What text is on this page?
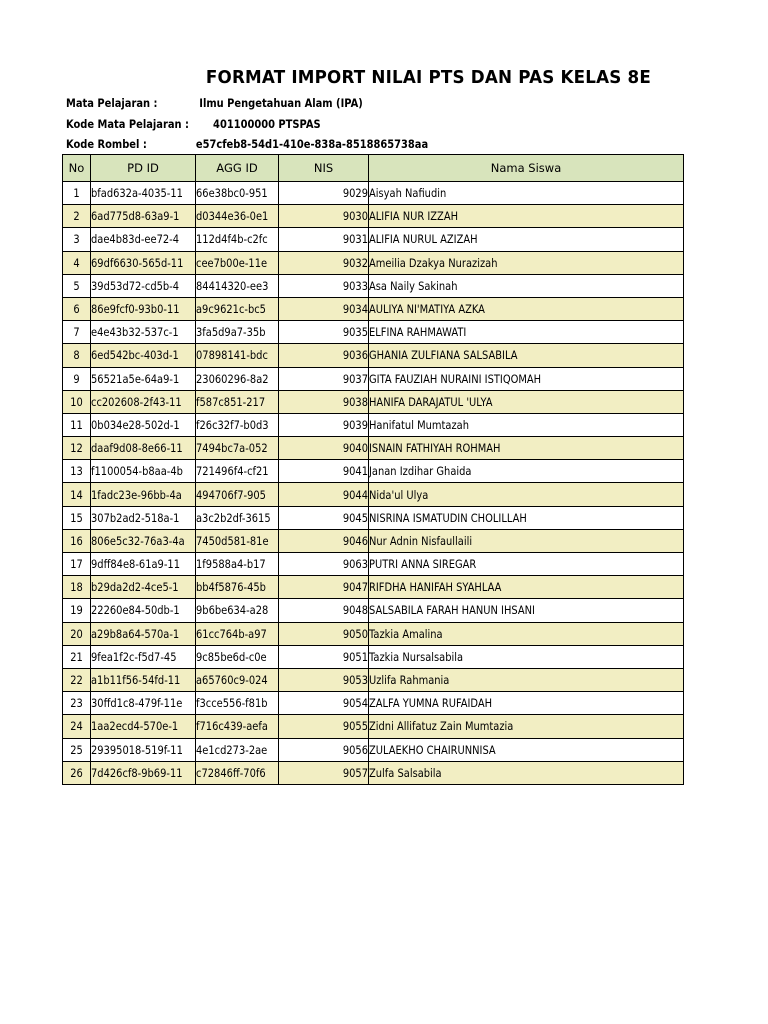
FORMAT IMPORT NILAI PTS DAN PAS KELAS 8E
Mata Pelajaran :	Ilmu Pengetahuan Alam (IPA)
Kode Mata Pelajaran : 401100000 PTSPAS
Kode Rombel :	e57cfeb8-54d1-410e-838a-8518865738aa
No	PD ID	AGG ID	NIS	Nama Siswa

1	bfad632a-4035-11	66e38bc0-951	9029	Aisyah Nafiudin

2	6ad775d8-63a9-1	d0344e36-0e1	9030	ALIFIA NUR IZZAH

3	dae4b83d-ee72-4	112d4f4b-c2fc	9031	ALIFIA NURUL AZIZAH

4	69df6630-565d-11	cee7b00e-11e	9032	Ameilia Dzakya Nurazizah

5	39d53d72-cd5b-4	84414320-ee3	9033	Asa Naily Sakinah

6	86e9fcf0-93b0-11	a9c9621c-bc5	9034	AULIYA NI'MATIYA AZKA

7	e4e43b32-537c-1	3fa5d9a7-35b	9035	ELFINA RAHMAWATI

8	6ed542bc-403d-1	07898141-bdc	9036	GHANIA ZULFIANA SALSABILA

9	56521a5e-64a9-1	23060296-8a2	9037	GITA FAUZIAH NURAINI ISTIQOMAH

10	cc202608-2f43-11	f587c851-217	9038	HANIFA DARAJATUL 'ULYA

11	0b034e28-502d-1	f26c32f7-b0d3	9039	Hanifatul Mumtazah

12	daaf9d08-8e66-11	7494bc7a-052	9040	ISNAIN FATHIYAH ROHMAH

13	f1100054-b8aa-4b	721496f4-cf21	9041	Janan Izdihar Ghaida

14	1fadc23e-96bb-4a	494706f7-905	9044	Nida'ul Ulya

15	307b2ad2-518a-1	a3c2b2df-3615	9045	NISRINA ISMATUDIN CHOLILLAH

16	806e5c32-76a3-4a	7450d581-81e	9046	Nur Adnin Nisfaullaili

17	9dff84e8-61a9-11	1f9588a4-b17	9063	PUTRI ANNA SIREGAR

18	b29da2d2-4ce5-1	bb4f5876-45b	9047	RIFDHA HANIFAH SYAHLAA

19	22260e84-50db-1	9b6be634-a28	9048	SALSABILA FARAH HANUN IHSANI

20	a29b8a64-570a-1	61cc764b-a97	9050	Tazkia Amalina

21	9fea1f2c-f5d7-45	9c85be6d-c0e	9051	Tazkia Nursalsabila

22	a1b11f56-54fd-11	a65760c9-024	9053	Uzlifa Rahmania

23	30ffd1c8-479f-11e	f3cce556-f81b	9054	ZALFA YUMNA RUFAIDAH

24	1aa2ecd4-570e-1	f716c439-aefa	9055	Zidni Allifatuz Zain Mumtazia

25	29395018-519f-11	4e1cd273-2ae	9056	ZULAEKHO CHAIRUNNISA

26	7d426cf8-9b69-11	c72846ff-70f6	9057	Zulfa Salsabila
